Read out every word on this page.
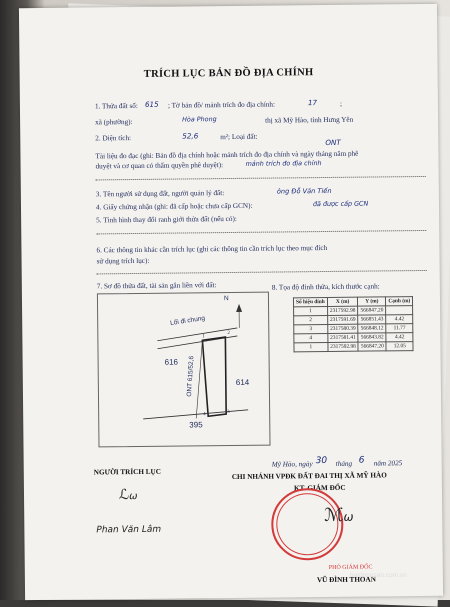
TRÍCH LỤC BẢN ĐỒ ĐỊA CHÍNH
1. Thửa đất số: 615 ; Tờ bản đồ/ mảnh trích đo địa chính:	17	;
xã (phường):	Hòa Phong	thị xã Mỹ Hào, tỉnh Hưng Yên
2. Diện tích:	52,6	m²; Loại đất:
ONT
Tài liệu đo đạc (ghi: Bản đồ địa chính hoặc mảnh trích đo địa chính và ngày tháng năm phê
duyệt và cơ quan có thẩm quyền phê duyệt):	mảnh trích đo địa chính
3. Tên người sử dụng đất, người quản lý đất:	ông Đỗ Văn Tiến
4. Giấy chứng nhận (ghi: đã cấp hoặc chưa cấp GCN):	đã được cấp GCN
5. Tình hình thay đổi ranh giới thửa đất (nếu có):
6. Các thông tin khác cần trích lục (ghi các thông tin cần trích lục theo mục đích
sử dụng trích lục):
7. Sơ đồ thửa đất, tài sản gắn liền với đất:	8. Tọa độ đỉnh thửa, kích thước cạnh:
N
Lối đi chung
616
614
395
ONT 615/52,6
1
2
3
4
Số hiệu đỉnh	X (m)	Y (m)	Cạnh (m)
1	2317592.98	566847.20	
2	2317591.69	566851.43	4.42
3	2317580.39	566848.12	11.77
4	2317581.41	566843.82	4.42
1	2317592.98	566847.20	12.05
Mỹ Hào, ngày 30 tháng 6 năm 2025
NGƯỜI TRÍCH LỤC
ℒω
Phan Văn Lâm
CHI NHÁNH VPĐK ĐẤT ĐAI THỊ XÃ MỸ HÀO
KT. GIÁM ĐỐC
ℳω
PHÓ GIÁM ĐỐC
VŨ ĐÌNH THOAN
batdongsan.com.vn
